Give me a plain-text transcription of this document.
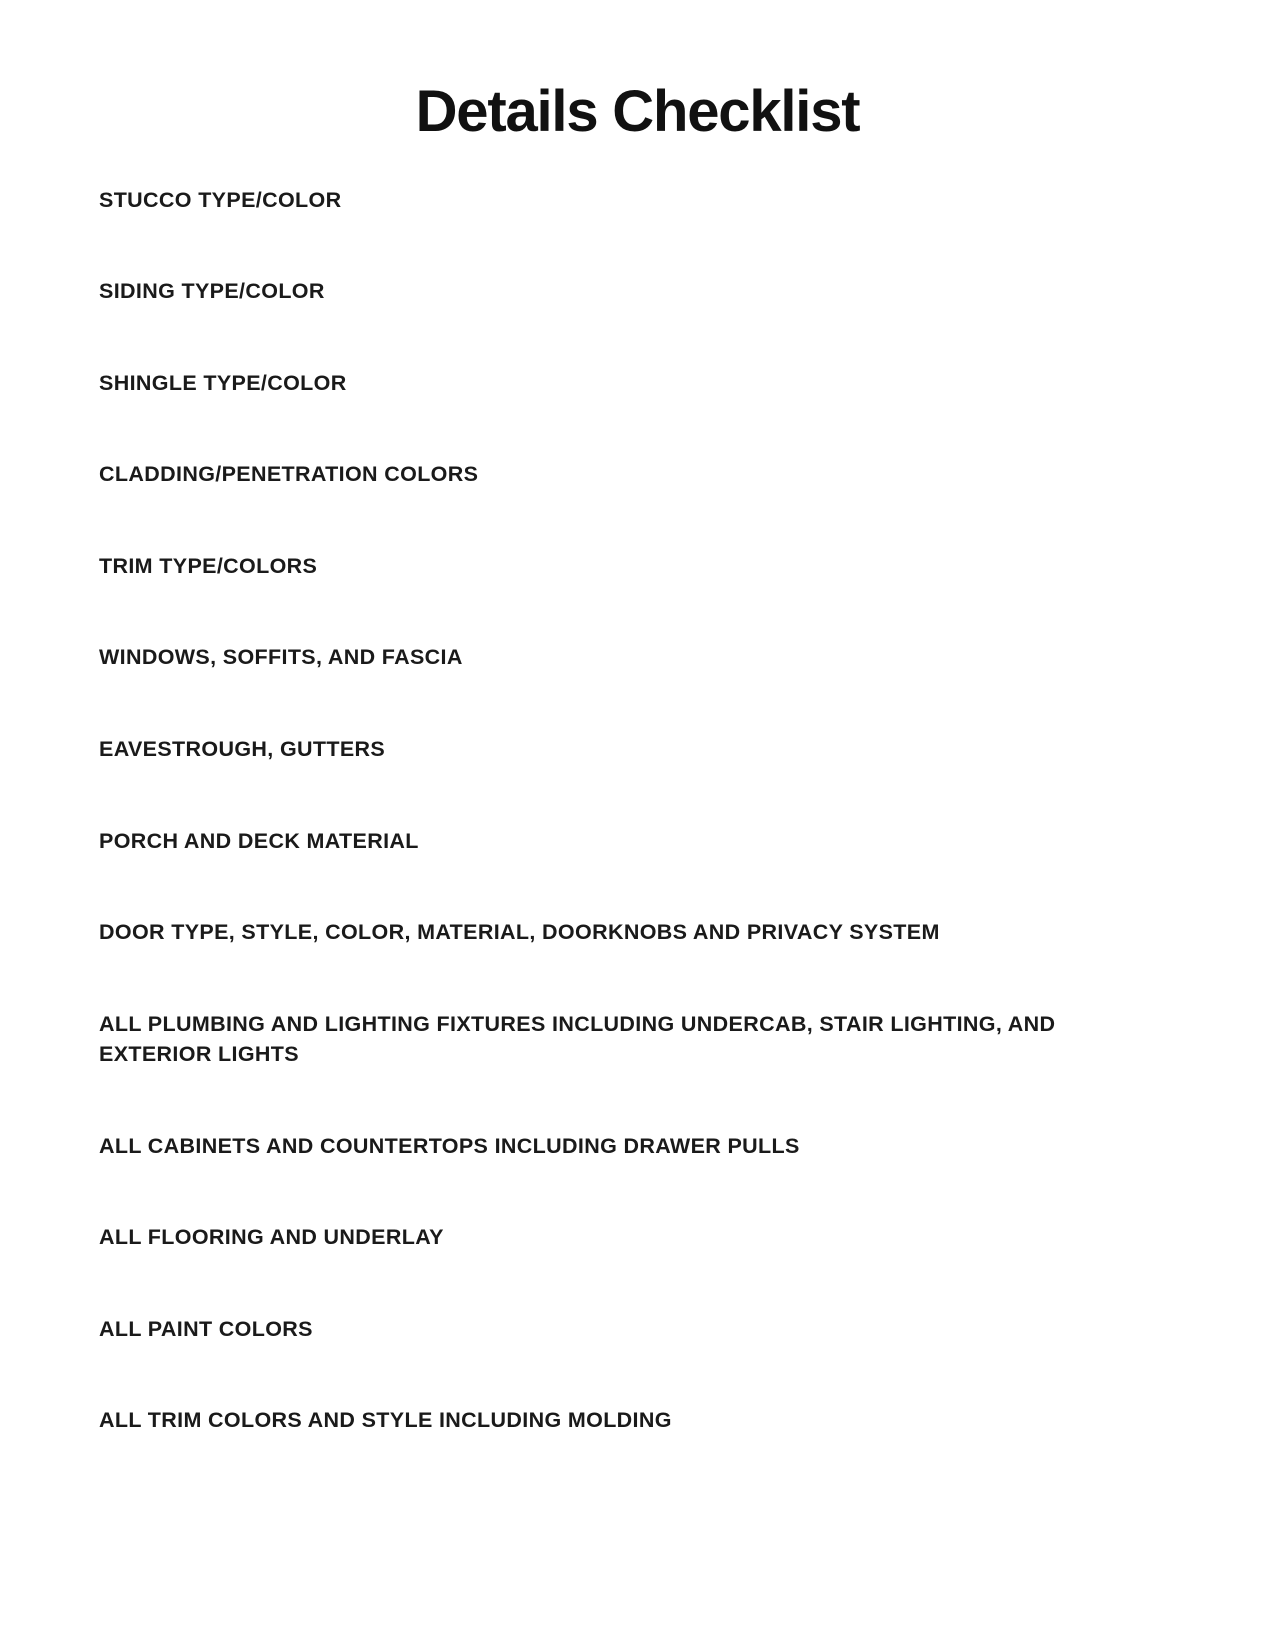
Details Checklist
STUCCO TYPE/COLOR
SIDING TYPE/COLOR
SHINGLE TYPE/COLOR
CLADDING/PENETRATION COLORS
TRIM TYPE/COLORS
WINDOWS, SOFFITS, AND FASCIA
EAVESTROUGH, GUTTERS
PORCH AND DECK MATERIAL
DOOR TYPE, STYLE, COLOR, MATERIAL, DOORKNOBS AND PRIVACY SYSTEM
ALL PLUMBING AND LIGHTING FIXTURES INCLUDING UNDERCAB, STAIR LIGHTING, AND EXTERIOR LIGHTS
ALL CABINETS AND COUNTERTOPS INCLUDING DRAWER PULLS
ALL FLOORING AND UNDERLAY
ALL PAINT COLORS
ALL TRIM COLORS AND STYLE INCLUDING MOLDING
